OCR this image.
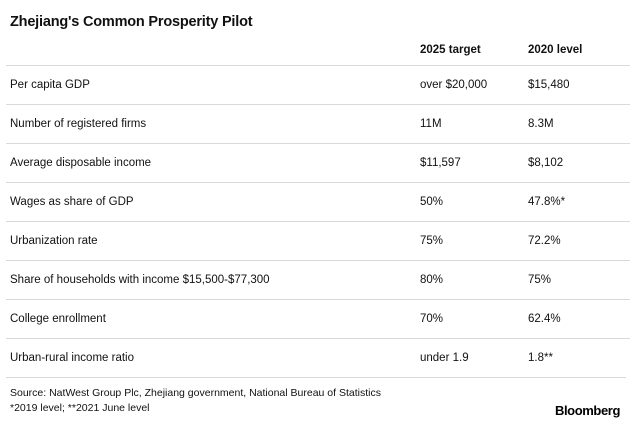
Zhejiang's Common Prosperity Pilot
	2025 target	2020 level
Per capita GDP	over $20,000	$15,480
Number of registered firms	11M	8.3M
Average disposable income	$11,597	$8,102
Wages as share of GDP	50%	47.8%*
Urbanization rate	75%	72.2%
Share of households with income $15,500-$77,300	80%	75%
College enrollment	70%	62.4%
Urban-rural income ratio	under 1.9	1.8**
Source: NatWest Group Plc, Zhejiang government, National Bureau of Statistics
*2019 level; **2021 June level	Bloomberg
